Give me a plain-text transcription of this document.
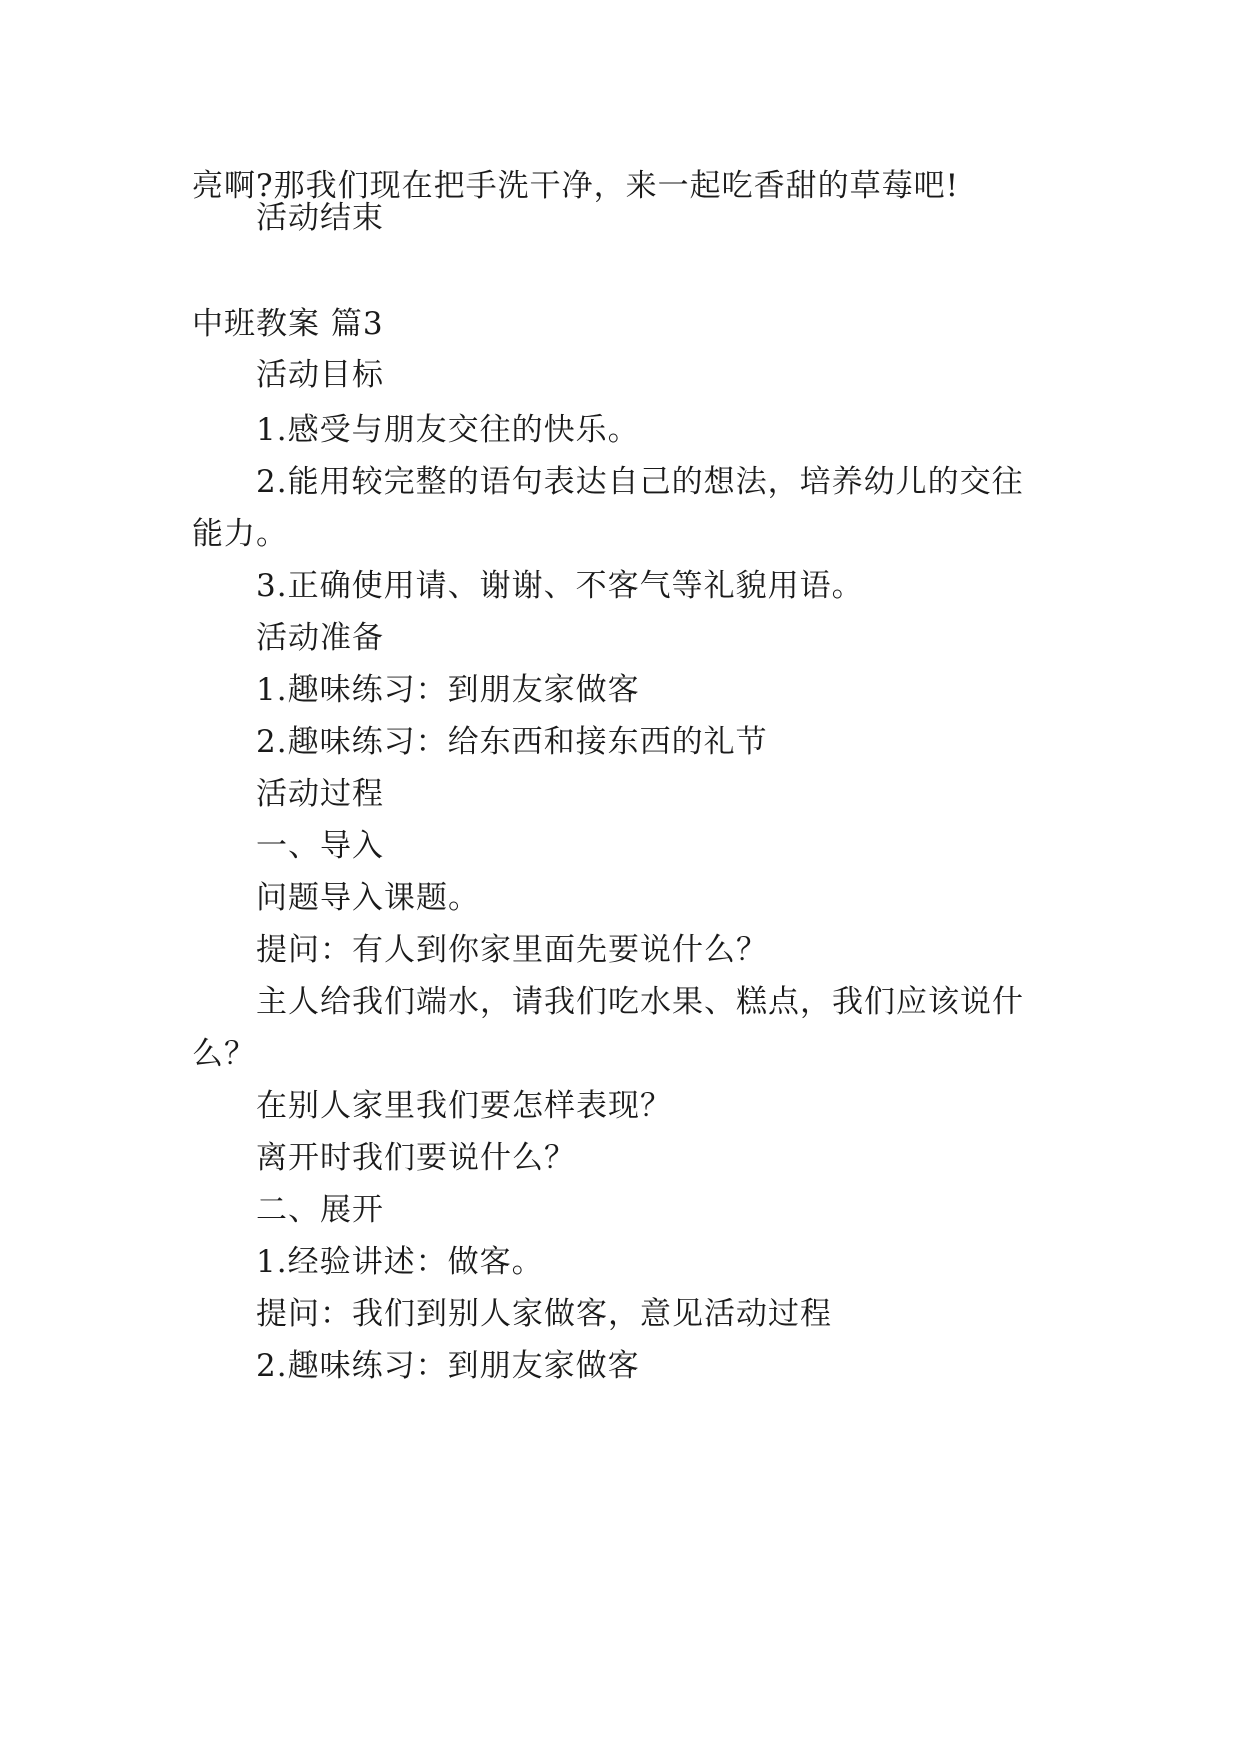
亮啊?那我们现在把手洗干净，来一起吃香甜的草莓吧!
活动结束
中班教案 篇3
活动目标
1.感受与朋友交往的快乐。
2.能用较完整的语句表达自己的想法，培养幼儿的交往
能力。
3.正确使用请、谢谢、不客气等礼貌用语。
活动准备
1.趣味练习：到朋友家做客
2.趣味练习：给东西和接东西的礼节
活动过程
一、导入
问题导入课题。
提问：有人到你家里面先要说什么？
主人给我们端水，请我们吃水果、糕点，我们应该说什
么？
在别人家里我们要怎样表现？
离开时我们要说什么？
二、展开
1.经验讲述：做客。
提问：我们到别人家做客，意见活动过程
2.趣味练习：到朋友家做客
